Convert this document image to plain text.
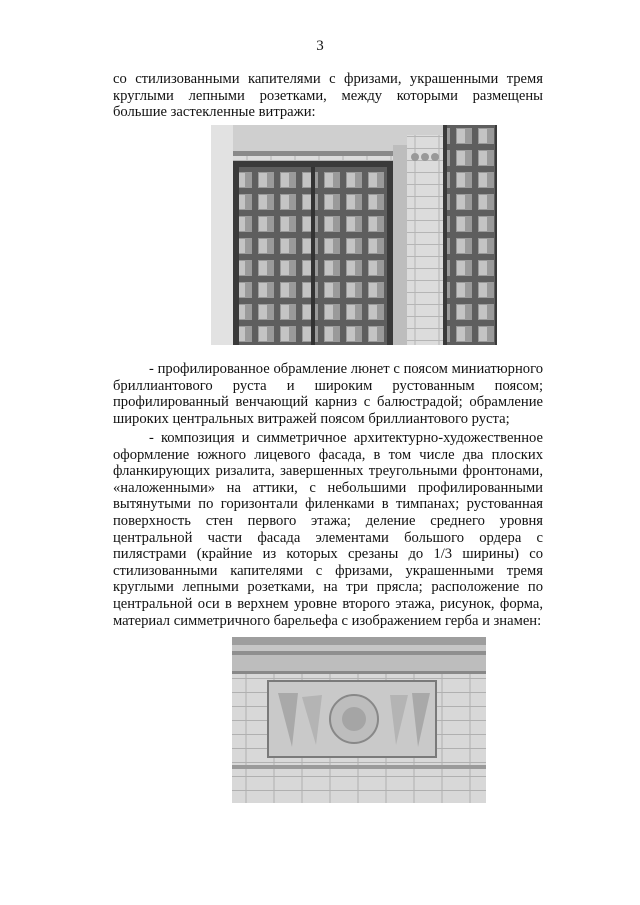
3

со стилизованными капителями с фризами, украшенными тремя круглыми лепными розетками, между которыми размещены большие застекленные витражи:

- профилированное обрамление люнет с поясом миниатюрного бриллиантового руста и широким рустованным поясом; профилированный венчающий карниз с балюстрадой; обрамление широких центральных витражей поясом бриллиантового руста;

- композиция и симметричное архитектурно-художественное оформление южного лицевого фасада, в том числе два плоских фланкирующих ризалита, завершенных треугольными фронтонами, «наложенными» на аттики, с небольшими профилированными вытянутыми по горизонтали филенками в тимпанах; рустованная поверхность стен первого этажа; деление среднего уровня центральной части фасада элементами большого ордера с пилястрами (крайние из которых срезаны до 1/3 ширины) со стилизованными капителями с фризами, украшенными тремя круглыми лепными розетками, на три прясла; расположение по центральной оси в верхнем уровне второго этажа, рисунок, форма, материал симметричного барельефа с изображением герба и знамен:
